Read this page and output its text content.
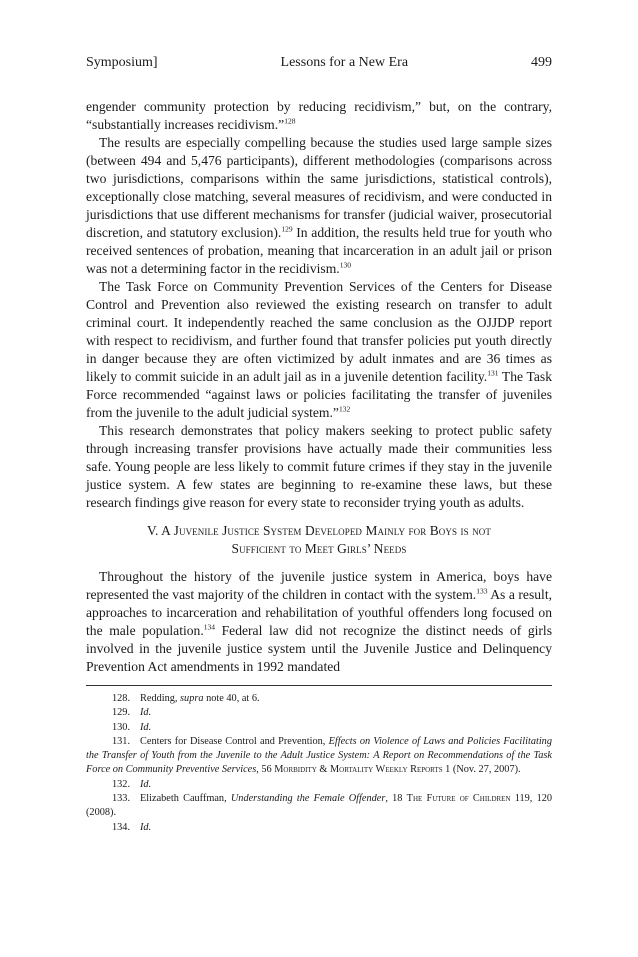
Symposium]	Lessons for a New Era	499

engender community protection by reducing recidivism,” but, on the contrary, “substantially increases recidivism.”$^{128}$

The results are especially compelling because the studies used large sample sizes (between 494 and 5,476 participants), different methodologies (comparisons across two jurisdictions, comparisons within the same jurisdictions, statistical controls), exceptionally close matching, several measures of recidivism, and were conducted in jurisdictions that use different mechanisms for transfer (judicial waiver, prosecutorial discretion, and statutory exclusion).$^{129}$ In addition, the results held true for youth who received sentences of probation, meaning that incarceration in an adult jail or prison was not a determining factor in the recidivism.$^{130}$

The Task Force on Community Prevention Services of the Centers for Disease Control and Prevention also reviewed the existing research on transfer to adult criminal court. It independently reached the same conclusion as the OJJDP report with respect to recidivism, and further found that transfer policies put youth directly in danger because they are often victimized by adult inmates and are 36 times as likely to commit suicide in an adult jail as in a juvenile detention facility.$^{131}$ The Task Force recommended “against laws or policies facilitating the transfer of juveniles from the juvenile to the adult judicial system.”$^{132}$

This research demonstrates that policy makers seeking to protect public safety through increasing transfer provisions have actually made their communities less safe. Young people are less likely to commit future crimes if they stay in the juvenile justice system. A few states are beginning to re-examine these laws, but these research findings give reason for every state to reconsider trying youth as adults.

V. A Juvenile Justice System Developed Mainly for Boys is not
Sufficient to Meet Girls’ Needs

Throughout the history of the juvenile justice system in America, boys have represented the vast majority of the children in contact with the system.$^{133}$ As a result, approaches to incarceration and rehabilitation of youthful offenders long focused on the male population.$^{134}$ Federal law did not recognize the distinct needs of girls involved in the juvenile justice system until the Juvenile Justice and Delinquency Prevention Act amendments in 1992 mandated

128. Redding, supra note 40, at 6.

129. Id.

130. Id.

131. Centers for Disease Control and Prevention, Effects on Violence of Laws and Policies Facilitating the Transfer of Youth from the Juvenile to the Adult Justice System: A Report on Recommendations of the Task Force on Community Preventive Services, 56 Morbidity & Mortality Weekly Reports 1 (Nov. 27, 2007).

132. Id.

133. Elizabeth Cauffman, Understanding the Female Offender, 18 The Future of Children 119, 120 (2008).

134. Id.
